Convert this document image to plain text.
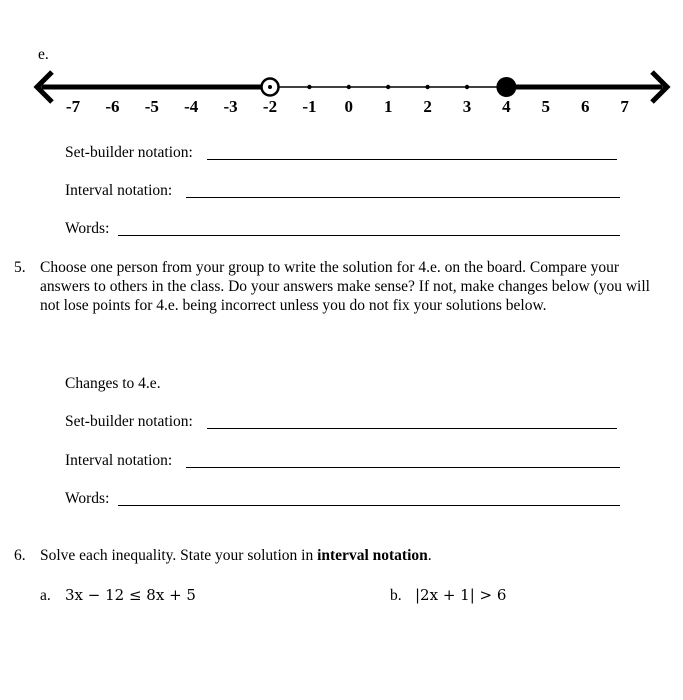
e.
-7 -6 -5 -4 -3 -2 -1 0 1 2 3 4 5 6 7
Set-builder notation:
Interval notation:
Words:
5. Choose one person from your group to write the solution for 4.e. on the board. Compare your answers to others in the class. Do your answers make sense? If not, make changes below (you will not lose points for 4.e. being incorrect unless you do not fix your solutions below.
Changes to 4.e.
Set-builder notation:
Interval notation:
Words:
6. Solve each inequality. State your solution in interval notation.
a. 3x − 12 ≤ 8x + 5	b. |2x + 1| > 6
